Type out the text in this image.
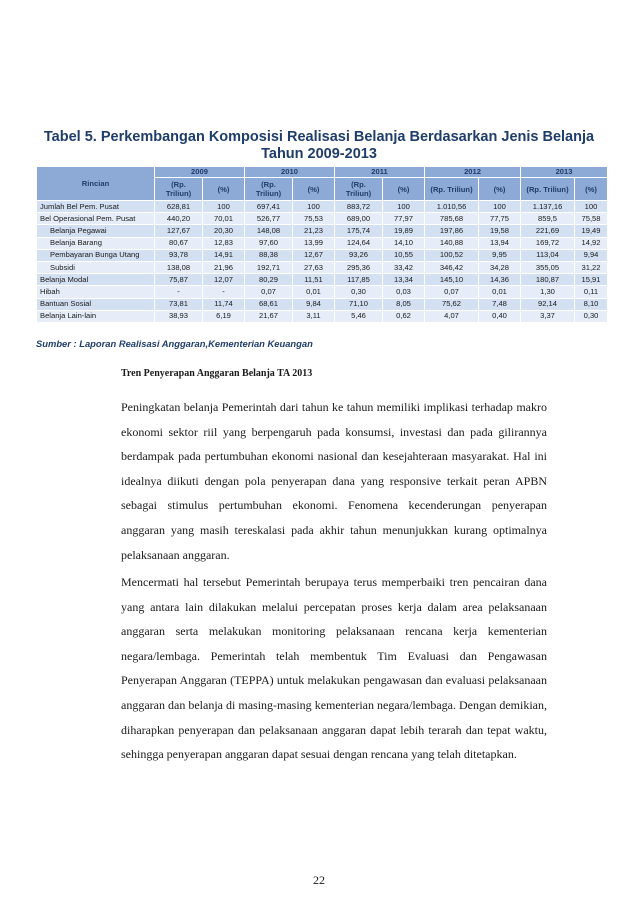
Tabel 5. Perkembangan Komposisi Realisasi Belanja Berdasarkan Jenis Belanja
Tahun 2009-2013
Rincian	2009		2010		2011		2012		2013	
	(Rp. Triliun)	(%)	(Rp. Triliun)	(%)	(Rp. Triliun)	(%)	(Rp. Triliun)	(%)	(Rp. Triliun)	(%)
Jumlah Bel Pem. Pusat	628,81	100	697,41	100	883,72	100	1.010,56	100	1.137,16	100
Bel Operasional Pem. Pusat	440,20	70,01	526,77	75,53	689,00	77,97	785,68	77,75	859,5	75,58
Belanja Pegawai	127,67	20,30	148,08	21,23	175,74	19,89	197,86	19,58	221,69	19,49
Belanja Barang	80,67	12,83	97,60	13,99	124,64	14,10	140,88	13,94	169,72	14,92
Pembayaran Bunga Utang	93,78	14,91	88,38	12,67	93,26	10,55	100,52	9,95	113,04	9,94
Subsidi	138,08	21,96	192,71	27,63	295,36	33,42	346,42	34,28	355,05	31,22
Belanja Modal	75,87	12,07	80,29	11,51	117,85	13,34	145,10	14,36	180,87	15,91
Hibah	-	-	0,07	0,01	0,30	0,03	0,07	0,01	1,30	0,11
Bantuan Sosial	73,81	11,74	68,61	9,84	71,10	8,05	75,62	7,48	92,14	8,10
Belanja Lain-lain	38,93	6,19	21,67	3,11	5,46	0,62	4,07	0,40	3,37	0,30
Sumber : Laporan Realisasi Anggaran,Kementerian Keuangan
Tren Penyerapan Anggaran Belanja TA 2013

Peningkatan belanja Pemerintah dari tahun ke tahun memiliki implikasi terhadap makro ekonomi sektor riil yang berpengaruh pada konsumsi, investasi dan pada gilirannya berdampak pada pertumbuhan ekonomi nasional dan kesejahteraan masyarakat. Hal ini idealnya diikuti dengan pola penyerapan dana yang responsive terkait peran APBN sebagai stimulus pertumbuhan ekonomi. Fenomena kecenderungan penyerapan anggaran yang masih tereskalasi pada akhir tahun menunjukkan kurang optimalnya pelaksanaan anggaran.

Mencermati hal tersebut Pemerintah berupaya terus memperbaiki tren pencairan dana yang antara lain dilakukan melalui percepatan proses kerja dalam area pelaksanaan anggaran serta melakukan monitoring pelaksanaan rencana kerja kementerian negara/lembaga. Pemerintah telah membentuk Tim Evaluasi dan Pengawasan Penyerapan Anggaran (TEPPA) untuk melakukan pengawasan dan evaluasi pelaksanaan anggaran dan belanja di masing-masing kementerian negara/lembaga. Dengan demikian, diharapkan penyerapan dan pelaksanaan anggaran dapat lebih terarah dan tepat waktu, sehingga penyerapan anggaran dapat sesuai dengan rencana yang telah ditetapkan.

22
